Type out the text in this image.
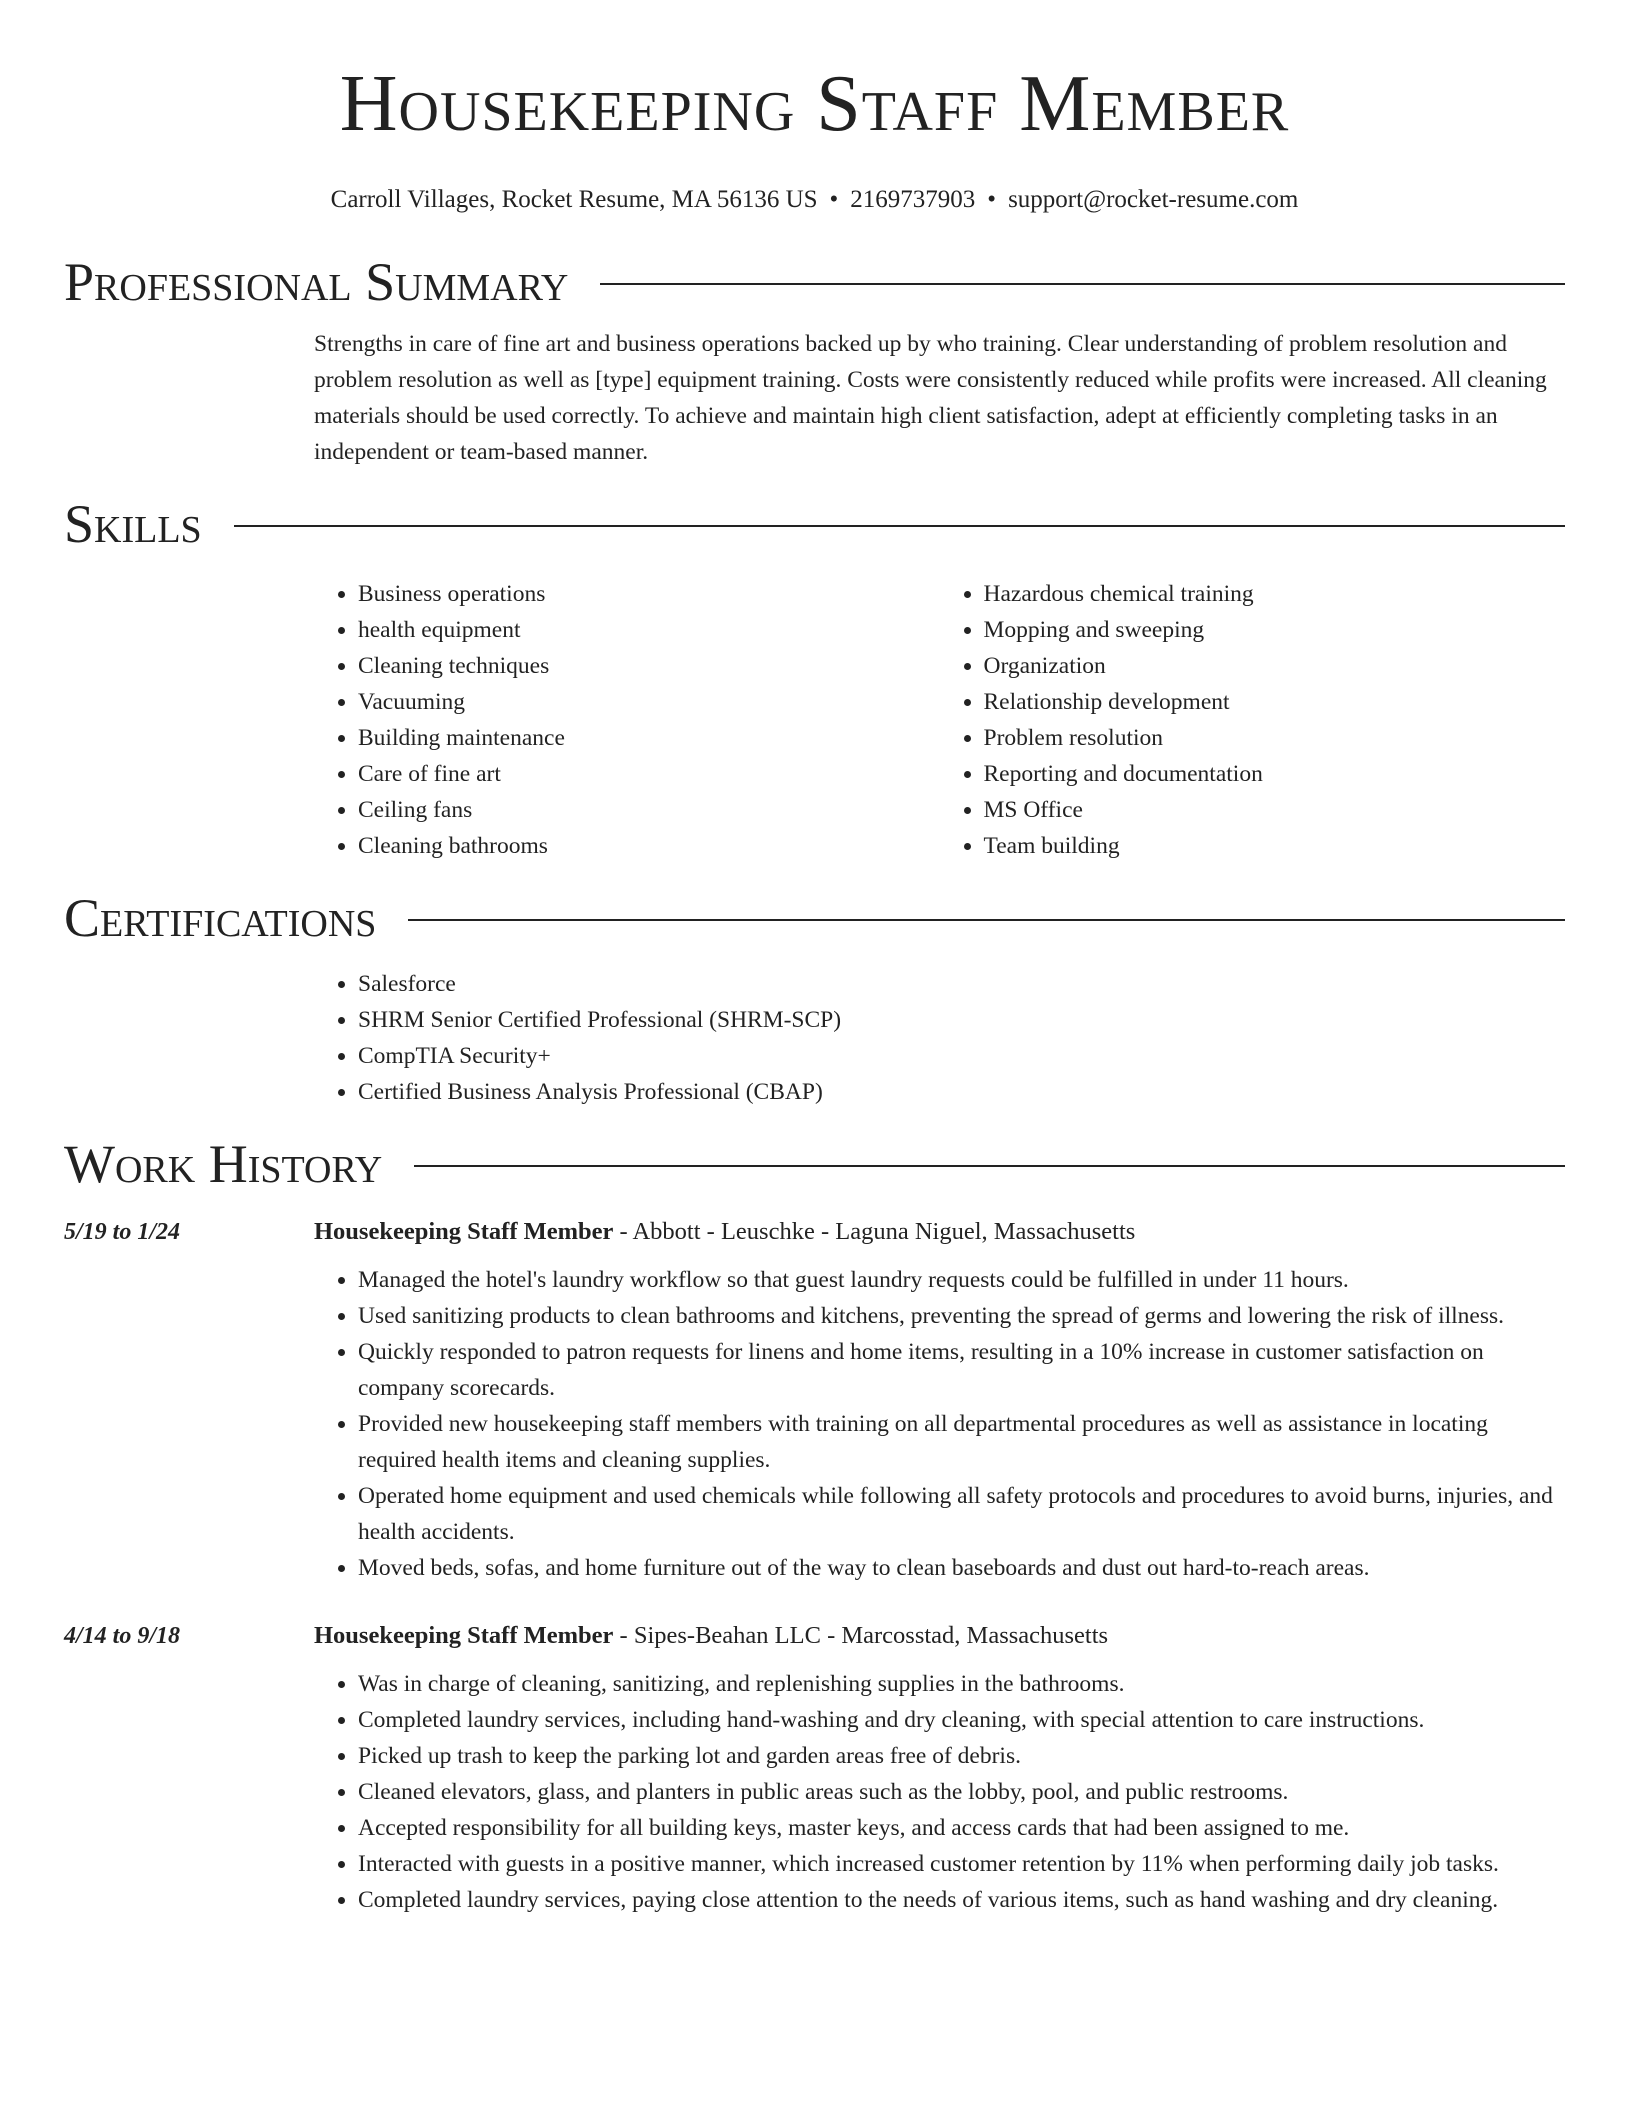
Housekeeping Staff Member
Carroll Villages, Rocket Resume, MA 56136 US • 2169737903 • support@rocket-resume.com
Professional Summary

Strengths in care of fine art and business operations backed up by who training. Clear understanding of problem resolution and problem resolution as well as [type] equipment training. Costs were consistently reduced while profits were increased. All cleaning materials should be used correctly. To achieve and maintain high client satisfaction, adept at efficiently completing tasks in an independent or team-based manner.

Skills
• Business operations
• health equipment
• Cleaning techniques
• Vacuuming
• Building maintenance
• Care of fine art
• Ceiling fans
• Cleaning bathrooms
• Hazardous chemical training
• Mopping and sweeping
• Organization
• Relationship development
• Problem resolution
• Reporting and documentation
• MS Office
• Team building
Certifications
• Salesforce
• SHRM Senior Certified Professional (SHRM-SCP)
• CompTIA Security+
• Certified Business Analysis Professional (CBAP)
Work History
5/19 to 1/24	Housekeeping Staff Member - Abbott - Leuschke - Laguna Niguel, Massachusetts
• Managed the hotel's laundry workflow so that guest laundry requests could be fulfilled in under 11 hours.
• Used sanitizing products to clean bathrooms and kitchens, preventing the spread of germs and lowering the risk of illness.
• Quickly responded to patron requests for linens and home items, resulting in a 10% increase in customer satisfaction on company scorecards.
• Provided new housekeeping staff members with training on all departmental procedures as well as assistance in locating required health items and cleaning supplies.
• Operated home equipment and used chemicals while following all safety protocols and procedures to avoid burns, injuries, and health accidents.
• Moved beds, sofas, and home furniture out of the way to clean baseboards and dust out hard-to-reach areas.
4/14 to 9/18	Housekeeping Staff Member - Sipes-Beahan LLC - Marcosstad, Massachusetts
• Was in charge of cleaning, sanitizing, and replenishing supplies in the bathrooms.
• Completed laundry services, including hand-washing and dry cleaning, with special attention to care instructions.
• Picked up trash to keep the parking lot and garden areas free of debris.
• Cleaned elevators, glass, and planters in public areas such as the lobby, pool, and public restrooms.
• Accepted responsibility for all building keys, master keys, and access cards that had been assigned to me.
• Interacted with guests in a positive manner, which increased customer retention by 11% when performing daily job tasks.
• Completed laundry services, paying close attention to the needs of various items, such as hand washing and dry cleaning.
